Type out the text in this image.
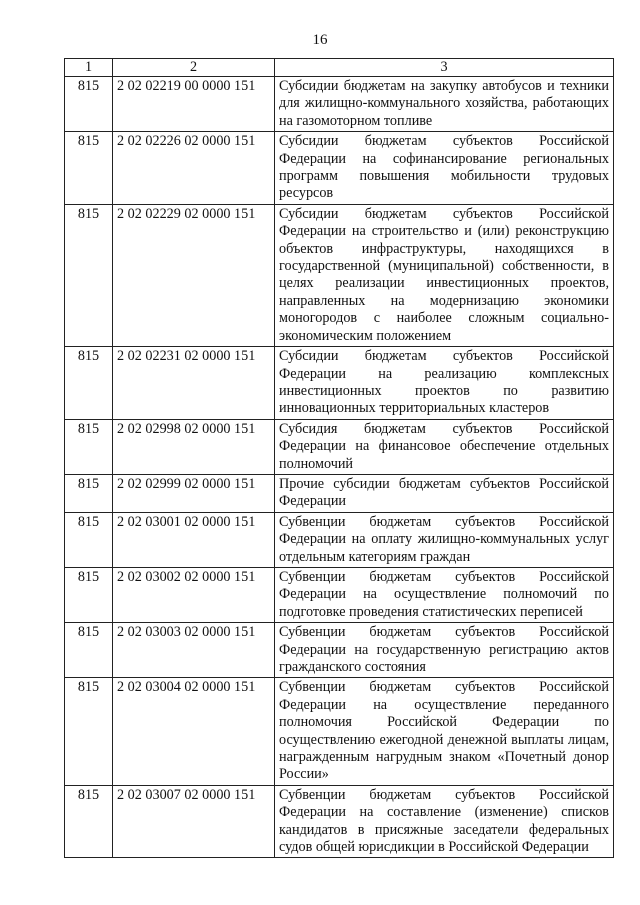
16
1	2	3
815	2 02 02219 00 0000 151	Субсидии бюджетам на закупку автобусов и техники для жилищно-коммунального хозяйства, работающих на газомоторном топливе
815	2 02 02226 02 0000 151	Субсидии бюджетам субъектов Российской Федерации на софинансирование региональных программ повышения мобильности трудовых ресурсов
815	2 02 02229 02 0000 151	Субсидии бюджетам субъектов Российской Федерации на строительство и (или) реконструкцию объектов инфраструктуры, находящихся в государственной (муниципальной) собственности, в целях реализации инвестиционных проектов, направленных на модернизацию экономики моногородов с наиболее сложным социально-экономическим положением
815	2 02 02231 02 0000 151	Субсидии бюджетам субъектов Российской Федерации на реализацию комплексных инвестиционных проектов по развитию инновационных территориальных кластеров
815	2 02 02998 02 0000 151	Субсидия бюджетам субъектов Российской Федерации на финансовое обеспечение отдельных полномочий
815	2 02 02999 02 0000 151	Прочие субсидии бюджетам субъектов Российской Федерации
815	2 02 03001 02 0000 151	Субвенции бюджетам субъектов Российской Федерации на оплату жилищно-коммунальных услуг отдельным категориям граждан
815	2 02 03002 02 0000 151	Субвенции бюджетам субъектов Российской Федерации на осуществление полномочий по подготовке проведения статистических переписей
815	2 02 03003 02 0000 151	Субвенции бюджетам субъектов Российской Федерации на государственную регистрацию актов гражданского состояния
815	2 02 03004 02 0000 151	Субвенции бюджетам субъектов Российской Федерации на осуществление переданного полномочия Российской Федерации по осуществлению ежегодной денежной выплаты лицам, награжденным нагрудным знаком «Почетный донор России»
815	2 02 03007 02 0000 151	Субвенции бюджетам субъектов Российской Федерации на составление (изменение) списков кандидатов в присяжные заседатели федеральных судов общей юрисдикции в Российской Федерации
